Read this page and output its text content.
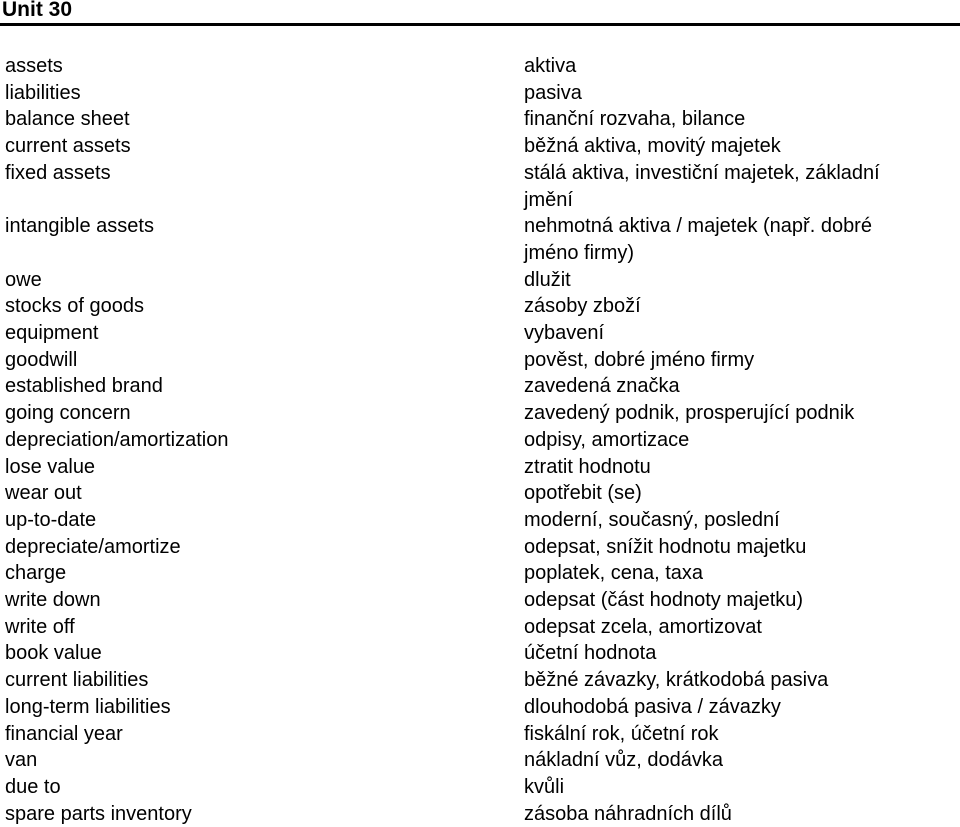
Unit 30
assets	aktiva
liabilities	pasiva
balance sheet	finanční rozvaha, bilance
current assets	běžná aktiva, movitý majetek
fixed assets	stálá aktiva, investiční majetek, základní jmění
intangible assets	nehmotná aktiva / majetek (např. dobré jméno firmy)
owe	dlužit
stocks of goods	zásoby zboží
equipment	vybavení
goodwill	pověst, dobré jméno firmy
established brand	zavedená značka
going concern	zavedený podnik, prosperující podnik
depreciation/amortization	odpisy, amortizace
lose value	ztratit hodnotu
wear out	opotřebit (se)
up-to-date	moderní, současný, poslední
depreciate/amortize	odepsat, snížit hodnotu majetku
charge	poplatek, cena, taxa
write down	odepsat (část hodnoty majetku)
write off	odepsat zcela, amortizovat
book value	účetní hodnota
current liabilities	běžné závazky, krátkodobá pasiva
long-term liabilities	dlouhodobá pasiva / závazky
financial year	fiskální rok, účetní rok
van	nákladní vůz, dodávka
due to	kvůli
spare parts inventory	zásoba náhradních dílů
